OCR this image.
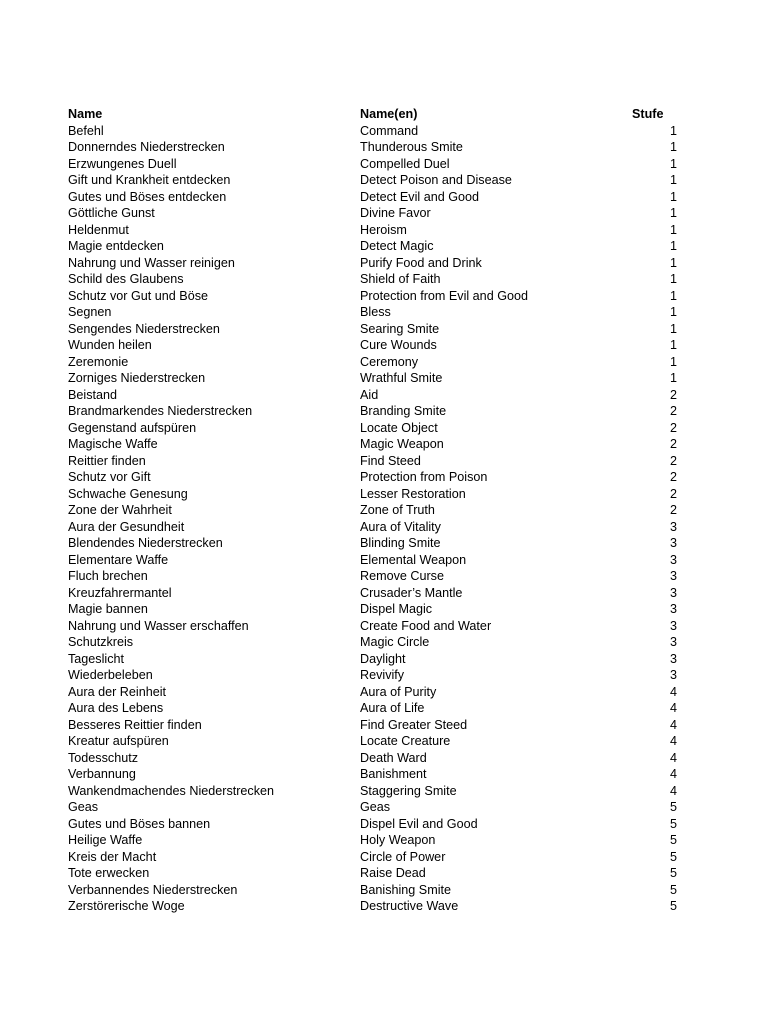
Name	Name(en)	Stufe
Befehl	Command	1
Donnerndes Niederstrecken	Thunderous Smite	1
Erzwungenes Duell	Compelled Duel	1
Gift und Krankheit entdecken	Detect Poison and Disease	1
Gutes und Böses entdecken	Detect Evil and Good	1
Göttliche Gunst	Divine Favor	1
Heldenmut	Heroism	1
Magie entdecken	Detect Magic	1
Nahrung und Wasser reinigen	Purify Food and Drink	1
Schild des Glaubens	Shield of Faith	1
Schutz vor Gut und Böse	Protection from Evil and Good	1
Segnen	Bless	1
Sengendes Niederstrecken	Searing Smite	1
Wunden heilen	Cure Wounds	1
Zeremonie	Ceremony	1
Zorniges Niederstrecken	Wrathful Smite	1
Beistand	Aid	2
Brandmarkendes Niederstrecken	Branding Smite	2
Gegenstand aufspüren	Locate Object	2
Magische Waffe	Magic Weapon	2
Reittier finden	Find Steed	2
Schutz vor Gift	Protection from Poison	2
Schwache Genesung	Lesser Restoration	2
Zone der Wahrheit	Zone of Truth	2
Aura der Gesundheit	Aura of Vitality	3
Blendendes Niederstrecken	Blinding Smite	3
Elementare Waffe	Elemental Weapon	3
Fluch brechen	Remove Curse	3
Kreuzfahrermantel	Crusader’s Mantle	3
Magie bannen	Dispel Magic	3
Nahrung und Wasser erschaffen	Create Food and Water	3
Schutzkreis	Magic Circle	3
Tageslicht	Daylight	3
Wiederbeleben	Revivify	3
Aura der Reinheit	Aura of Purity	4
Aura des Lebens	Aura of Life	4
Besseres Reittier finden	Find Greater Steed	4
Kreatur aufspüren	Locate Creature	4
Todesschutz	Death Ward	4
Verbannung	Banishment	4
Wankendmachendes Niederstrecken	Staggering Smite	4
Geas	Geas	5
Gutes und Böses bannen	Dispel Evil and Good	5
Heilige Waffe	Holy Weapon	5
Kreis der Macht	Circle of Power	5
Tote erwecken	Raise Dead	5
Verbannendes Niederstrecken	Banishing Smite	5
Zerstörerische Woge	Destructive Wave	5
